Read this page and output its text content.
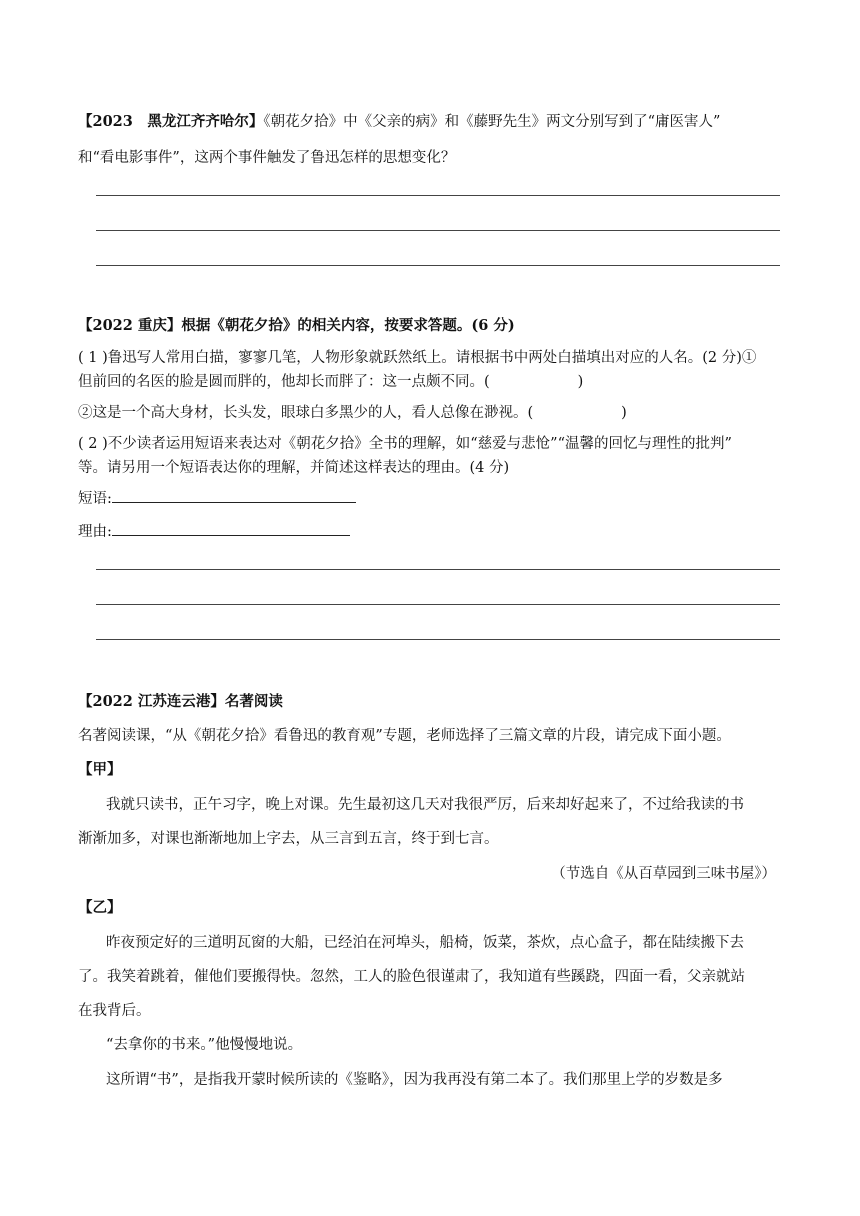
【2023　黑龙江齐齐哈尔】《朝花夕拾》中《父亲的病》和《藤野先生》两文分别写到了“庸医害人”
和“看电影事件”，这两个事件触发了鲁迅怎样的思想变化？
【2022 重庆】根据《朝花夕拾》的相关内容，按要求答题。(6 分)
( 1 )鲁迅写人常用白描，寥寥几笔，人物形象就跃然纸上。请根据书中两处白描填出对应的人名。(2 分)①
但前回的名医的脸是圆而胖的，他却长而胖了：这一点颇不同。(	)
②这是一个高大身材，长头发，眼球白多黑少的人，看人总像在渺视。(	)
( 2 )不少读者运用短语来表达对《朝花夕拾》全书的理解，如“慈爱与悲怆”“温馨的回忆与理性的批判”
等。请另用一个短语表达你的理解，并简述这样表达的理由。(4 分)
短语:
理由:
【2022 江苏连云港】名著阅读
名著阅读课，“从《朝花夕拾》看鲁迅的教育观”专题，老师选择了三篇文章的片段，请完成下面小题。
【甲】
我就只读书，正午习字，晚上对课。先生最初这几天对我很严厉，后来却好起来了，不过给我读的书
渐渐加多，对课也渐渐地加上字去，从三言到五言，终于到七言。
（节选自《从百草园到三味书屋》）
【乙】
昨夜预定好的三道明瓦窗的大船，已经泊在河埠头，船椅，饭菜，茶炊，点心盒子，都在陆续搬下去
了。我笑着跳着，催他们要搬得快。忽然，工人的脸色很谨肃了，我知道有些蹊跷，四面一看，父亲就站
在我背后。
“去拿你的书来。”他慢慢地说。
这所谓“书”，是指我开蒙时候所读的《鉴略》，因为我再没有第二本了。我们那里上学的岁数是多
